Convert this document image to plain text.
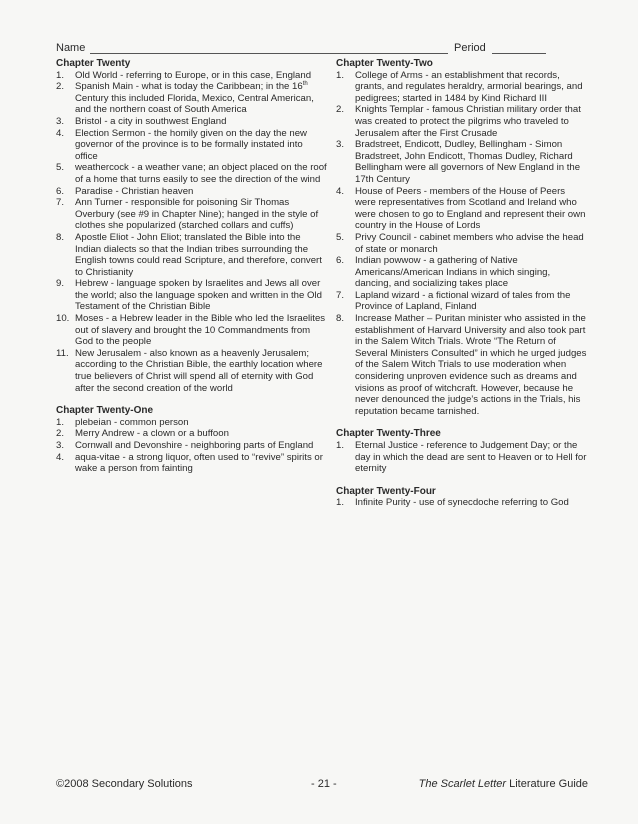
Name	Period
Chapter Twenty
1.	Old World - referring to Europe, or in this case, England
2.	Spanish Main - what is today the Caribbean; in the 16th Century this included Florida, Mexico, Central American, and the northern coast of South America
3.	Bristol - a city in southwest England
4.	Election Sermon - the homily given on the day the new governor of the province is to be formally instated into office
5.	weathercock - a weather vane; an object placed on the roof of a home that turns easily to see the direction of the wind
6.	Paradise - Christian heaven
7.	Ann Turner - responsible for poisoning Sir Thomas Overbury (see #9 in Chapter Nine); hanged in the style of clothes she popularized (starched collars and cuffs)
8.	Apostle Eliot - John Eliot; translated the Bible into the Indian dialects so that the Indian tribes surrounding the English towns could read Scripture, and therefore, convert to Christianity
9.	Hebrew - language spoken by Israelites and Jews all over the world; also the language spoken and written in the Old Testament of the Christian Bible
10. Moses - a Hebrew leader in the Bible who led the Israelites out of slavery and brought the 10 Commandments from God to the people
11. New Jerusalem - also known as a heavenly Jerusalem; according to the Christian Bible, the earthly location where true believers of Christ will spend all of eternity with God after the second creation of the world
Chapter Twenty-One
1.	plebeian - common person
2.	Merry Andrew - a clown or a buffoon
3.	Cornwall and Devonshire - neighboring parts of England
4.	aqua-vitae - a strong liquor, often used to “revive” spirits or wake a person from fainting
Chapter Twenty-Two
1.	College of Arms - an establishment that records, grants, and regulates heraldry, armorial bearings, and pedigrees; started in 1484 by Kind Richard III
2.	Knights Templar - famous Christian military order that was created to protect the pilgrims who traveled to Jerusalem after the First Crusade
3.	Bradstreet, Endicott, Dudley, Bellingham - Simon Bradstreet, John Endicott, Thomas Dudley, Richard Bellingham were all governors of New England in the 17th Century
4.	House of Peers - members of the House of Peers were representatives from Scotland and Ireland who were chosen to go to England and represent their own country in the House of Lords
5.	Privy Council - cabinet members who advise the head of state or monarch
6.	Indian powwow - a gathering of Native Americans/American Indians in which singing, dancing, and socializing takes place
7.	Lapland wizard - a fictional wizard of tales from the Province of Lapland, Finland
8.	Increase Mather – Puritan minister who assisted in the establishment of Harvard University and also took part in the Salem Witch Trials. Wrote “The Return of Several Ministers Consulted” in which he urged judges of the Salem Witch Trials to use moderation when considering unproven evidence such as dreams and visions as proof of witchcraft. However, because he never denounced the judge’s actions in the Trials, his reputation became tarnished.
Chapter Twenty-Three
1.	Eternal Justice - reference to Judgement Day; or the day in which the dead are sent to Heaven or to Hell for eternity
Chapter Twenty-Four
1.	Infinite Purity - use of synecdoche referring to God
©2008 Secondary Solutions	- 21 -	The Scarlet Letter Literature Guide
